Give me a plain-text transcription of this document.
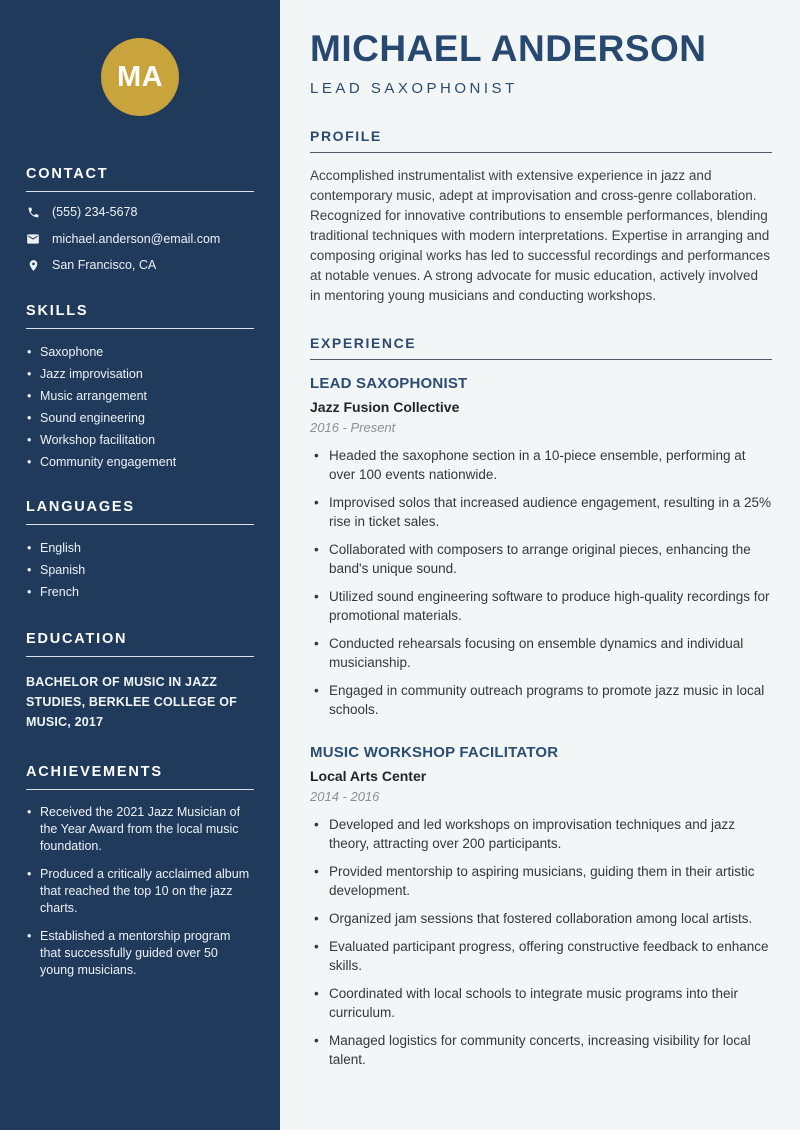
MA
CONTACT
(555) 234-5678
michael.anderson@email.com
San Francisco, CA
SKILLS
• Saxophone
• Jazz improvisation
• Music arrangement
• Sound engineering
• Workshop facilitation
• Community engagement
LANGUAGES
• English
• Spanish
• French
EDUCATION
BACHELOR OF MUSIC IN JAZZ STUDIES, BERKLEE COLLEGE OF MUSIC, 2017
ACHIEVEMENTS
• Received the 2021 Jazz Musician of the Year Award from the local music foundation.
• Produced a critically acclaimed album that reached the top 10 on the jazz charts.
• Established a mentorship program that successfully guided over 50 young musicians.
MICHAEL ANDERSON
LEAD SAXOPHONIST
PROFILE

Accomplished instrumentalist with extensive experience in jazz and contemporary music, adept at improvisation and cross-genre collaboration. Recognized for innovative contributions to ensemble performances, blending traditional techniques with modern interpretations. Expertise in arranging and composing original works has led to successful recordings and performances at notable venues. A strong advocate for music education, actively involved in mentoring young musicians and conducting workshops.

EXPERIENCE
LEAD SAXOPHONIST
Jazz Fusion Collective
2016 - Present
• Headed the saxophone section in a 10-piece ensemble, performing at over 100 events nationwide.
• Improvised solos that increased audience engagement, resulting in a 25% rise in ticket sales.
• Collaborated with composers to arrange original pieces, enhancing the band's unique sound.
• Utilized sound engineering software to produce high-quality recordings for promotional materials.
• Conducted rehearsals focusing on ensemble dynamics and individual musicianship.
• Engaged in community outreach programs to promote jazz music in local schools.
MUSIC WORKSHOP FACILITATOR
Local Arts Center
2014 - 2016
• Developed and led workshops on improvisation techniques and jazz theory, attracting over 200 participants.
• Provided mentorship to aspiring musicians, guiding them in their artistic development.
• Organized jam sessions that fostered collaboration among local artists.
• Evaluated participant progress, offering constructive feedback to enhance skills.
• Coordinated with local schools to integrate music programs into their curriculum.
• Managed logistics for community concerts, increasing visibility for local talent.
